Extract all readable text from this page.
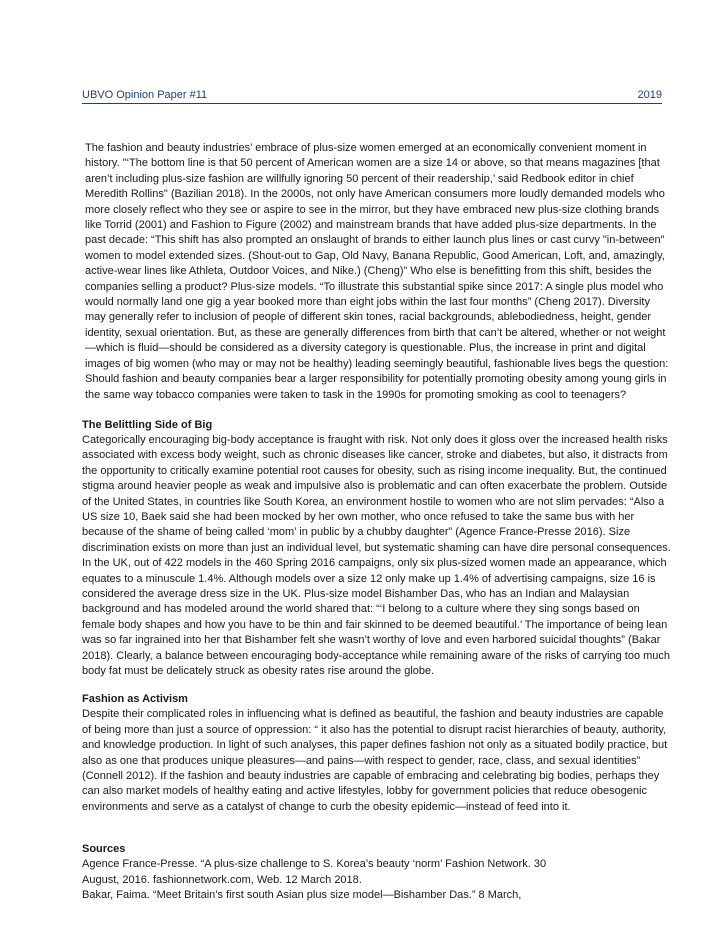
UBVO Opinion Paper #11	2019

The fashion and beauty industries’ embrace of plus-size women emerged at an economically convenient moment in history. "‘The bottom line is that 50 percent of American women are a size 14 or above, so that means magazines [that aren’t including plus-size fashion are willfully ignoring 50 percent of their readership,’ said Redbook editor in chief Meredith Rollins" (Bazilian 2018). In the 2000s, not only have American consumers more loudly demanded models who more closely reflect who they see or aspire to see in the mirror, but they have embraced new plus-size clothing brands like Torrid (2001) and Fashion to Figure (2002) and mainstream brands that have added plus-size departments. In the past decade: “This shift has also prompted an onslaught of brands to either launch plus lines or cast curvy "in-between" women to model extended sizes. (Shout-out to Gap, Old Navy, Banana Republic, Good American, Loft, and, amazingly, active-wear lines like Athleta, Outdoor Voices, and Nike.) (Cheng)” Who else is benefitting from this shift, besides the companies selling a product? Plus-size models. “To illustrate this substantial spike since 2017: A single plus model who would normally land one gig a year booked more than eight jobs within the last four months” (Cheng 2017). Diversity may generally refer to inclusion of people of different skin tones, racial backgrounds, ablebodiedness, height, gender identity, sexual orientation. But, as these are generally differences from birth that can’t be altered, whether or not weight—which is fluid—should be considered as a diversity category is questionable. Plus, the increase in print and digital images of big women (who may or may not be healthy) leading seemingly beautiful, fashionable lives begs the question: Should fashion and beauty companies bear a larger responsibility for potentially promoting obesity among young girls in the same way tobacco companies were taken to task in the 1990s for promoting smoking as cool to teenagers?

The Belittling Side of Big

Categorically encouraging big-body acceptance is fraught with risk. Not only does it gloss over the increased health risks associated with excess body weight, such as chronic diseases like cancer, stroke and diabetes, but also, it distracts from the opportunity to critically examine potential root causes for obesity, such as rising income inequality. But, the continued stigma around heavier people as weak and impulsive also is problematic and can often exacerbate the problem. Outside of the United States, in countries like South Korea, an environment hostile to women who are not slim pervades: “Also a US size 10, Baek said she had been mocked by her own mother, who once refused to take the same bus with her because of the shame of being called ‘mom’ in public by a chubby daughter” (Agence France-Presse 2016). Size discrimination exists on more than just an individual level, but systematic shaming can have dire personal consequences. In the UK, out of 422 models in the 460 Spring 2016 campaigns, only six plus-sized women made an appearance, which equates to a minuscule 1.4%. Although models over a size 12 only make up 1.4% of advertising campaigns, size 16 is considered the average dress size in the UK. Plus-size model Bishamber Das, who has an Indian and Malaysian background and has modeled around the world shared that: “‘I belong to a culture where they sing songs based on female body shapes and how you have to be thin and fair skinned to be deemed beautiful.’ The importance of being lean was so far ingrained into her that Bishamber felt she wasn’t worthy of love and even harbored suicidal thoughts” (Bakar 2018). Clearly, a balance between encouraging body-acceptance while remaining aware of the risks of carrying too much body fat must be delicately struck as obesity rates rise around the globe.

Fashion as Activism

Despite their complicated roles in influencing what is defined as beautiful, the fashion and beauty industries are capable of being more than just a source of oppression: “ it also has the potential to disrupt racist hierarchies of beauty, authority, and knowledge production. In light of such analyses, this paper defines fashion not only as a situated bodily practice, but also as one that produces unique pleasures—and pains—with respect to gender, race, class, and sexual identities” (Connell 2012). If the fashion and beauty industries are capable of embracing and celebrating big bodies, perhaps they can also market models of healthy eating and active lifestyles, lobby for government policies that reduce obesogenic environments and serve as a catalyst of change to curb the obesity epidemic—instead of feed into it.

Sources

Agence France-Presse. “A plus-size challenge to S. Korea’s beauty ‘norm’ Fashion Network. 30

August, 2016. fashionnetwork.com, Web. 12 March 2018.

Bakar, Faima. “Meet Britain’s first south Asian plus size model—Bishamber Das.” 8 March,
